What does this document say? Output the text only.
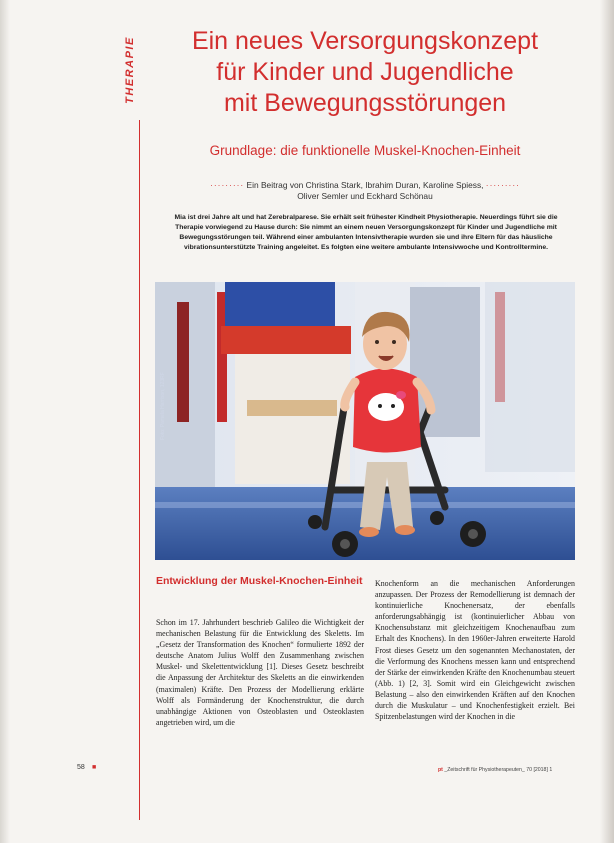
THERAPIE	Ein neues Versorgungskonzept
für Kinder und Jugendliche
mit Bewegungsstörungen
Grundlage: die funktionelle Muskel-Knochen-Einheit
········· Ein Beitrag von Christina Stark, Ibrahim Duran, Karoline Spiess, ·········
Oliver Semler und Eckhard Schönau
Mia ist drei Jahre alt und hat Zerebralparese. Sie erhält seit frühester Kindheit Physiotherapie. Neuerdings führt sie die Therapie vorwiegend zu Hause durch: Sie nimmt an einem neuen Versorgungskonzept für Kinder und Jugendliche mit Bewegungsstörungen teil. Während einer ambulanten Intensivtherapie wurden sie und ihre Eltern für das häusliche vibrationsunterstützte Training angeleitet. Es folgten eine weitere ambulante Intensivwoche und Kontrolltermine.
Foto: Pamela Harrison, 123RF
Entwicklung der Muskel-Knochen-Einheit
Schon im 17. Jahrhundert beschrieb Galileo die Wichtigkeit der mechanischen Belastung für die Entwicklung des Skeletts. Im „Gesetz der Transformation des Knochen“ formulierte 1892 der deutsche Anatom Julius Wolff den Zusammenhang zwischen Muskel- und Skelettentwicklung [1]. Dieses Gesetz beschreibt die Anpassung der Architektur des Skeletts an die einwirkenden (maximalen) Kräfte. Den Prozess der Modellierung erklärte Wolff als Formänderung der Knochenstruktur, die durch unabhängige Aktionen von Osteoblasten und Osteoklasten angetrieben wird, um die
Knochenform an die mechanischen Anforderungen anzupassen. Der Prozess der Remodellierung ist demnach der kontinuierliche Knochenersatz, der ebenfalls anforderungsabhängig ist (kontinuierlicher Abbau von Knochensubstanz mit gleichzeitigem Knochenaufbau zum Erhalt des Knochens). In den 1960er-Jahren erweiterte Harold Frost dieses Gesetz um den sogenannten Mechanostaten, der die Verformung des Knochens messen kann und entsprechend der Stärke der einwirkenden Kräfte den Knochenumbau steuert (Abb. 1) [2, 3]. Somit wird ein Gleichgewicht zwischen Belastung – also den einwirkenden Kräften auf den Knochen durch die Muskulatur – und Knochenfestigkeit erzielt. Bei Spitzenbelastungen wird der Knochen in die
58 ■	pt _Zeitschrift für Physiotherapeuten_ 70 [2018] 1
